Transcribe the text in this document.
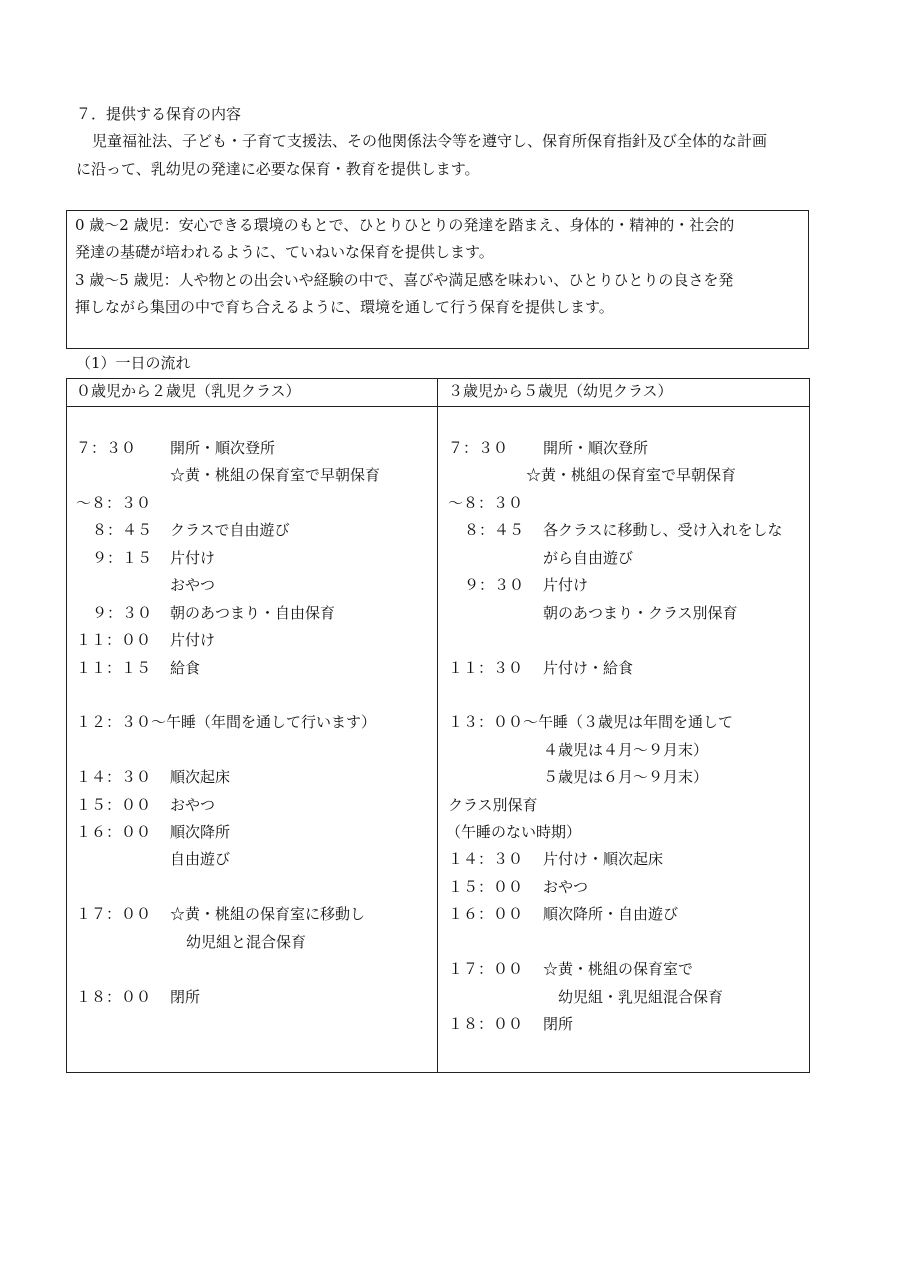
７．提供する保育の内容
児童福祉法、子ども・子育て支援法、その他関係法令等を遵守し、保育所保育指針及び全体的な計画
に沿って、乳幼児の発達に必要な保育・教育を提供します。
0 歳～2 歳児：安心できる環境のもとで、ひとりひとりの発達を踏まえ、身体的・精神的・社会的
発達の基礎が培われるように、ていねいな保育を提供します。
3 歳～5 歳児：人や物との出会いや経験の中で、喜びや満足感を味わい、ひとりひとりの良さを発
揮しながら集団の中で育ち合えるように、環境を通して行う保育を提供します。
（1）一日の流れ
０歳児から２歳児（乳児クラス）	３歳児から５歳児（幼児クラス）
７：３０ 開所・順次登所
☆黄・桃組の保育室で早朝保育
～８：３０
８：４５ クラスで自由遊び
９：１５ 片付け
おやつ
９：３０ 朝のあつまり・自由保育
１１：００ 片付け
１１：１５ 給食
１２：３０～午睡（年間を通して行います）
１４：３０ 順次起床
１５：００ おやつ
１６：００ 順次降所
自由遊び
１７：００ ☆黄・桃組の保育室に移動し
幼児組と混合保育
１８：００ 閉所
７：３０ 開所・順次登所
☆黄・桃組の保育室で早朝保育
～８：３０
８：４５ 各クラスに移動し、受け入れをしな
がら自由遊び
９：３０ 片付け
朝のあつまり・クラス別保育
１１：３０ 片付け・給食
１３：００～午睡（３歳児は年間を通して
４歳児は４月～９月末）
５歳児は６月～９月末）
クラス別保育
（午睡のない時期）
１４：３０ 片付け・順次起床
１５：００ おやつ
１６：００ 順次降所・自由遊び
１７：００ ☆黄・桃組の保育室で
幼児組・乳児組混合保育
１８：００ 閉所
